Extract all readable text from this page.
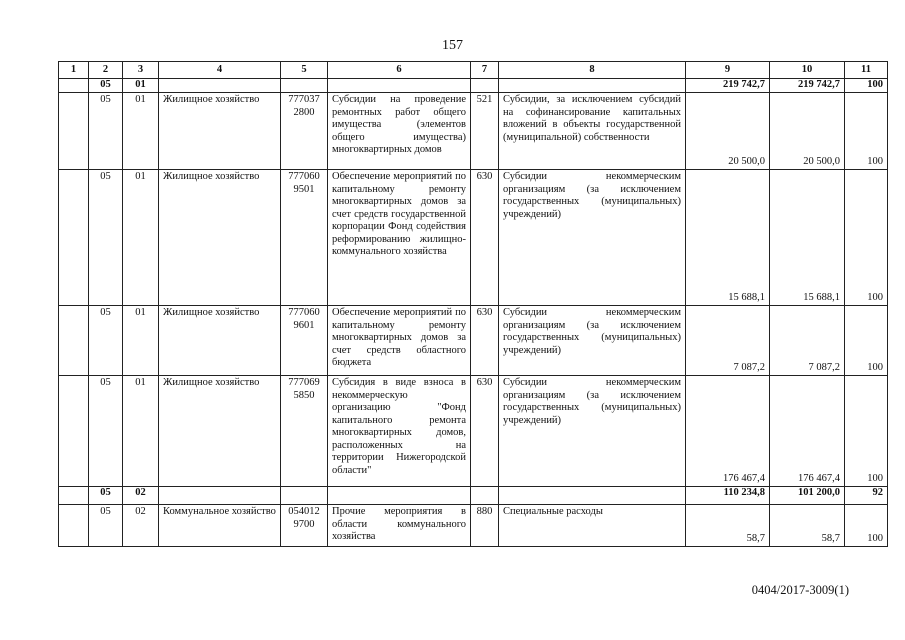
157
1	2	3	4	5	6	7	8	9	10	11
	05	01						219 742,7	219 742,7	100
	05	01	Жилищное хозяйство	777037 2800	Субсидии на проведение ремонтных работ общего имущества (элементов общего имущества) многоквартирных домов	521	Субсидии, за исключением субсидий на софинансирование капитальных вложений в объекты государственной (муниципальной) собственности	20 500,0	20 500,0	100
	05	01	Жилищное хозяйство	777060 9501	Обеспечение мероприятий по капитальному ремонту многоквартирных домов за счет средств государственной корпорации Фонд содействия реформированию жилищно-коммунального хозяйства	630	Субсидии некоммерческим организациям (за исключением государственных (муниципальных) учреждений)	15 688,1	15 688,1	100
	05	01	Жилищное хозяйство	777060 9601	Обеспечение мероприятий по капитальному ремонту многоквартирных домов за счет средств областного бюджета	630	Субсидии некоммерческим организациям (за исключением государственных (муниципальных) учреждений)	7 087,2	7 087,2	100
	05	01	Жилищное хозяйство	777069 5850	Субсидия в виде взноса в некоммерческую организацию "Фонд капитального ремонта многоквартирных домов, расположенных на территории Нижегородской области"	630	Субсидии некоммерческим организациям (за исключением государственных (муниципальных) учреждений)	176 467,4	176 467,4	100
	05	02						110 234,8	101 200,0	92
	05	02	Коммунальное хозяйство	054012 9700	Прочие мероприятия в области коммунального хозяйства	880	Специальные расходы	58,7	58,7	100
0404/2017-3009(1)
